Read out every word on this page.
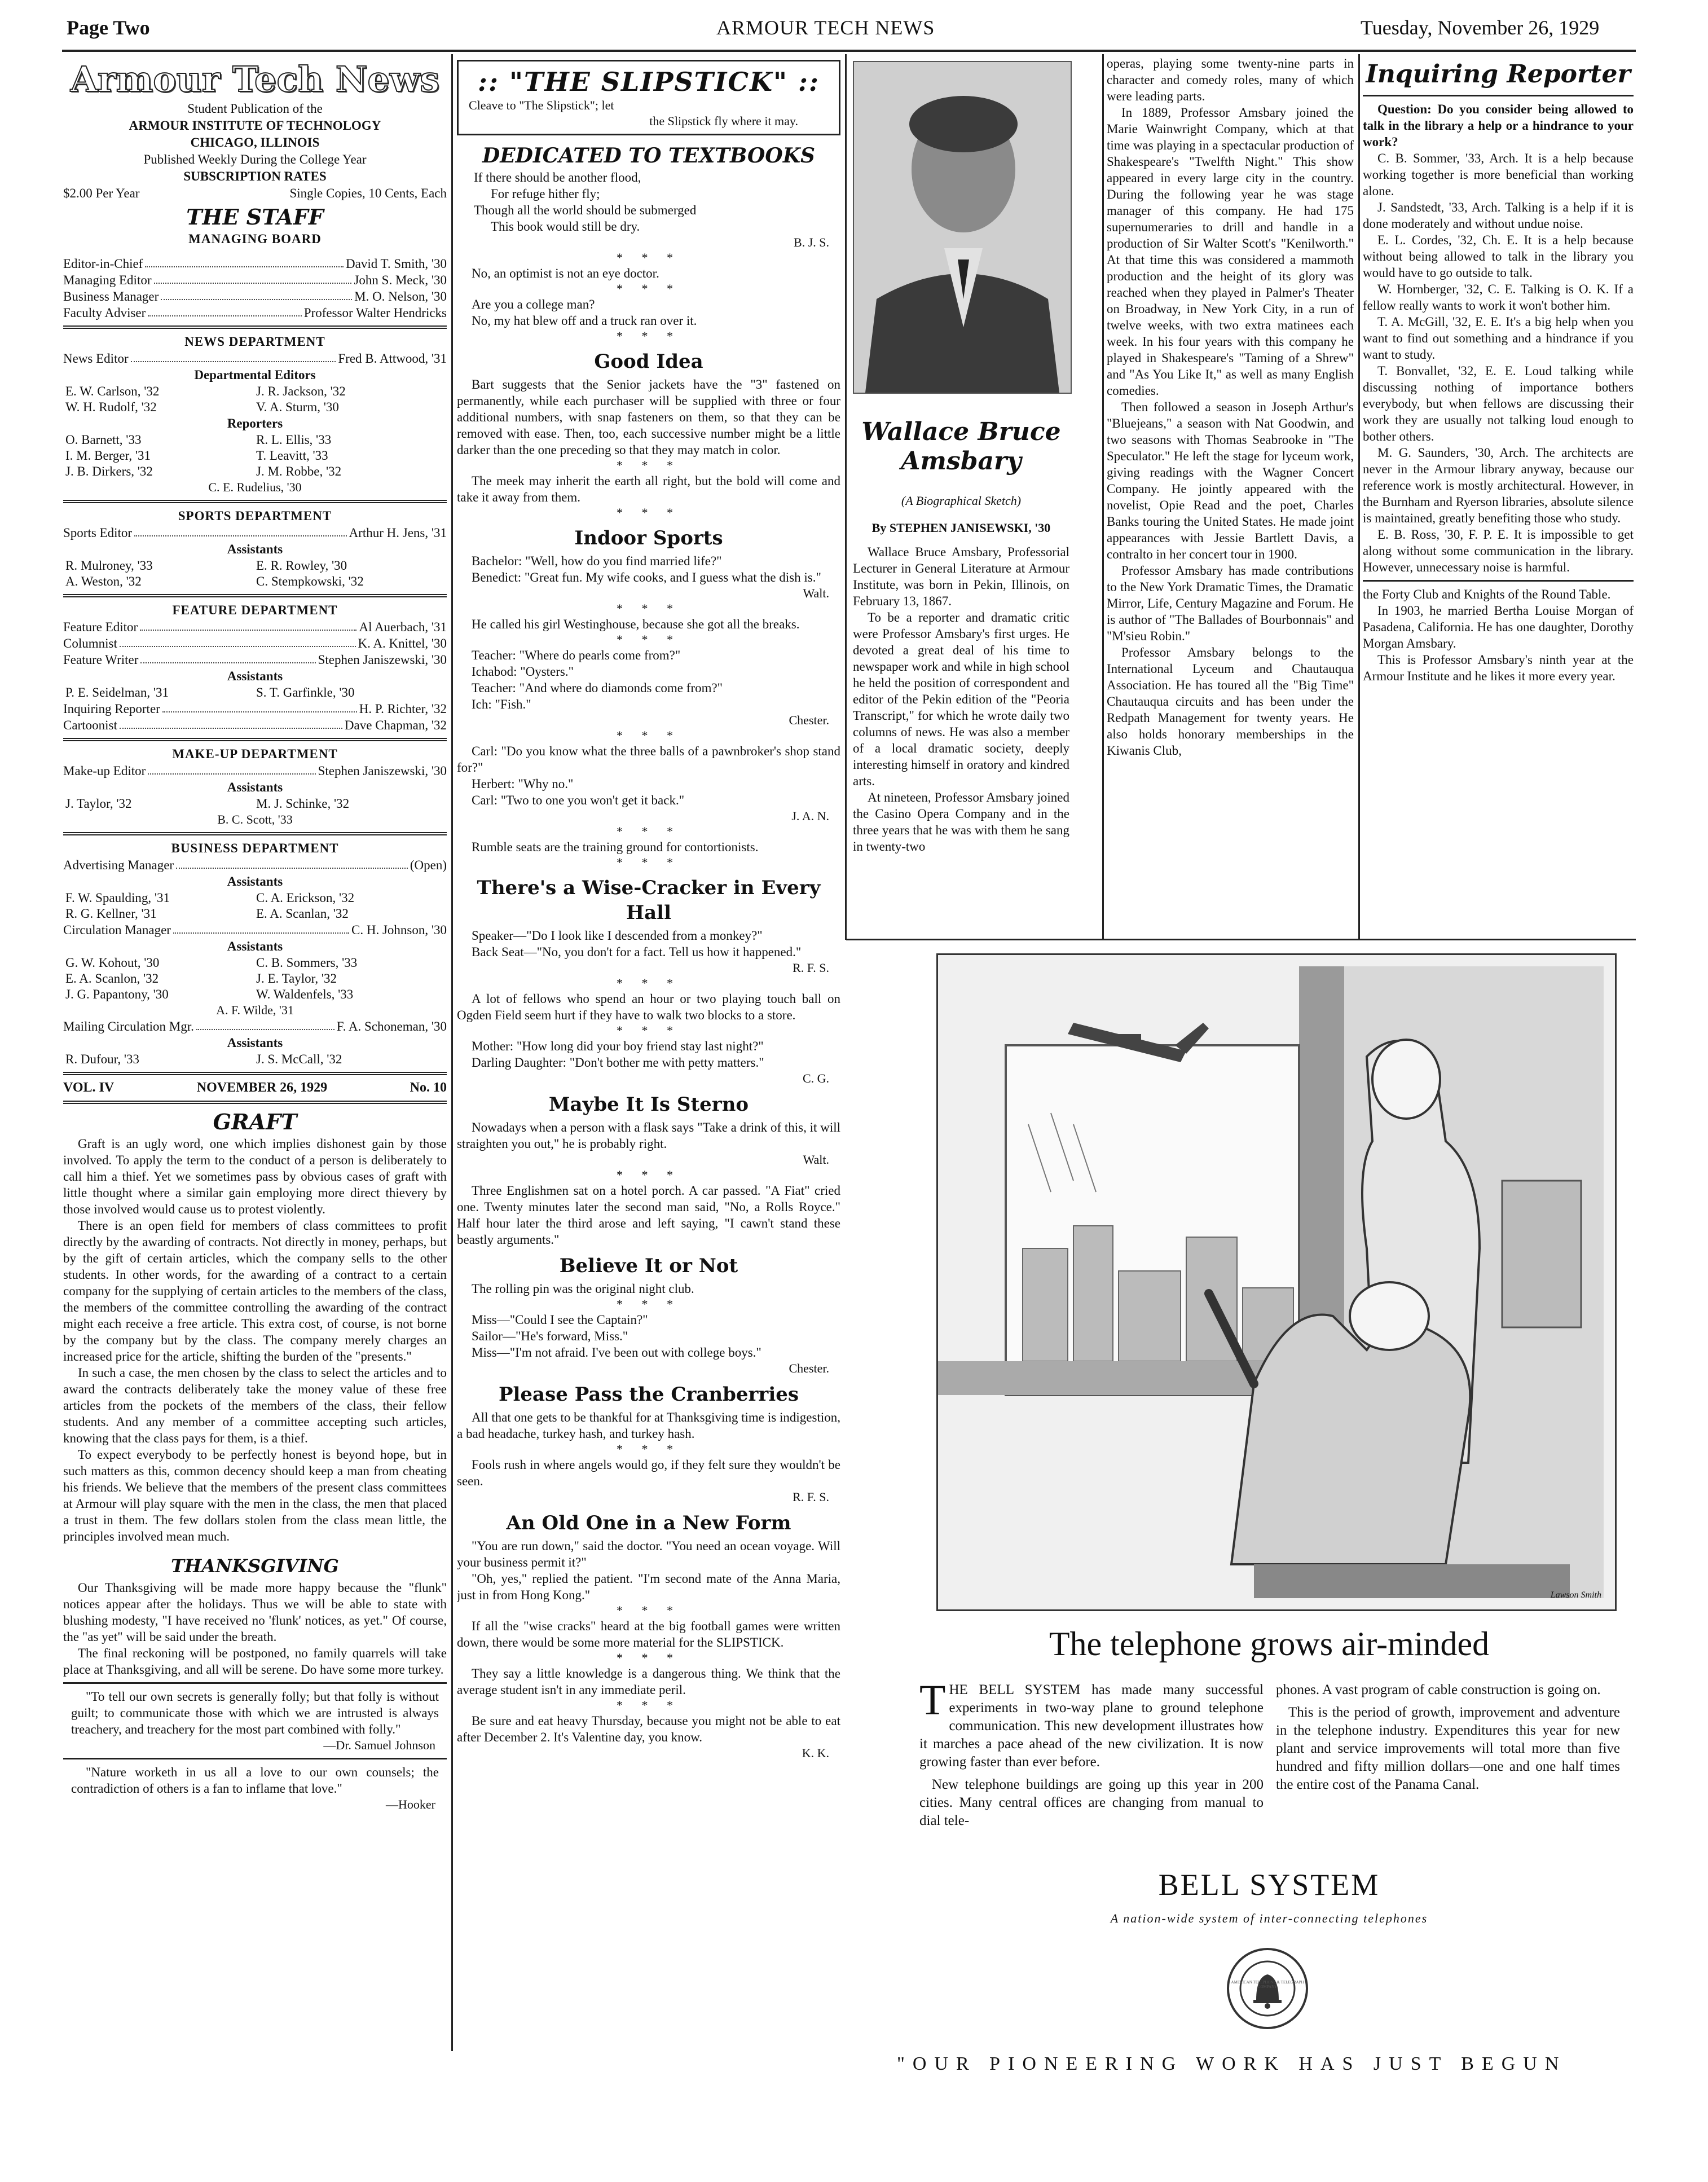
Page Two	ARMOUR TECH NEWS	Tuesday, November 26, 1929
Armour Tech News
Student Publication of the
ARMOUR INSTITUTE OF TECHNOLOGY
CHICAGO, ILLINOIS
Published Weekly During the College Year
SUBSCRIPTION RATES
$2.00 Per Year	Single Copies, 10 Cents, Each
THE STAFF
MANAGING BOARD
Editor-in-Chief	David T. Smith, '30
Managing Editor	John S. Meck, '30
Business Manager	M. O. Nelson, '30
Faculty Adviser	Professor Walter Hendricks
NEWS DEPARTMENT
News Editor	Fred B. Attwood, '31
Departmental Editors
E. W. Carlson, '32	J. R. Jackson, '32
W. H. Rudolf, '32	V. A. Sturm, '30
Reporters
O. Barnett, '33	R. L. Ellis, '33
I. M. Berger, '31	T. Leavitt, '33
J. B. Dirkers, '32	J. M. Robbe, '32
C. E. Rudelius, '30
SPORTS DEPARTMENT
Sports Editor	Arthur H. Jens, '31
Assistants
R. Mulroney, '33	E. R. Rowley, '30
A. Weston, '32	C. Stempkowski, '32
FEATURE DEPARTMENT
Feature Editor	Al Auerbach, '31
Columnist	K. A. Knittel, '30
Feature Writer	Stephen Janiszewski, '30
Assistants
P. E. Seidelman, '31	S. T. Garfinkle, '30
Inquiring Reporter	H. P. Richter, '32
Cartoonist	Dave Chapman, '32
MAKE-UP DEPARTMENT
Make-up Editor	Stephen Janiszewski, '30
Assistants
J. Taylor, '32	M. J. Schinke, '32
B. C. Scott, '33
BUSINESS DEPARTMENT
Advertising Manager	(Open)
Assistants
F. W. Spaulding, '31	C. A. Erickson, '32
R. G. Kellner, '31	E. A. Scanlan, '32
Circulation Manager	C. H. Johnson, '30
Assistants
G. W. Kohout, '30	C. B. Sommers, '33
E. A. Scanlon, '32	J. E. Taylor, '32
J. G. Papantony, '30	W. Waldenfels, '33
A. F. Wilde, '31
Mailing Circulation Mgr.	F. A. Schoneman, '30
Assistants
R. Dufour, '33	J. S. McCall, '32
VOL. IV	NOVEMBER 26, 1929	No. 10
GRAFT

Graft is an ugly word, one which implies dishonest gain by those involved. To apply the term to the conduct of a person is deliberately to call him a thief. Yet we sometimes pass by obvious cases of graft with little thought where a similar gain employing more direct thievery by those involved would cause us to protest violently.

There is an open field for members of class committees to profit directly by the awarding of contracts. Not directly in money, perhaps, but by the gift of certain articles, which the company sells to the other students. In other words, for the awarding of a contract to a certain company for the supplying of certain articles to the members of the class, the members of the committee controlling the awarding of the contract might each receive a free article. This extra cost, of course, is not borne by the company but by the class. The company merely charges an increased price for the article, shifting the burden of the "presents."

In such a case, the men chosen by the class to select the articles and to award the contracts deliberately take the money value of these free articles from the pockets of the members of the class, their fellow students. And any member of a committee accepting such articles, knowing that the class pays for them, is a thief.

To expect everybody to be perfectly honest is beyond hope, but in such matters as this, common decency should keep a man from cheating his friends. We believe that the members of the present class committees at Armour will play square with the men in the class, the men that placed a trust in them. The few dollars stolen from the class mean little, the principles involved mean much.

THANKSGIVING

Our Thanksgiving will be made more happy because the "flunk" notices appear after the holidays. Thus we will be able to state with blushing modesty, "I have received no 'flunk' notices, as yet." Of course, the "as yet" will be said under the breath.

The final reckoning will be postponed, no family quarrels will take place at Thanksgiving, and all will be serene. Do have some more turkey.

"To tell our own secrets is generally folly; but that folly is without guilt; to communicate those with which we are intrusted is always treachery, and treachery for the most part combined with folly."

—Dr. Samuel Johnson

"Nature worketh in us all a love to our own counsels; the contradiction of others is a fan to inflame that love."

—Hooker
:: "THE SLIPSTICK" ::
Cleave to "The Slipstick"; let
the Slipstick fly where it may.
DEDICATED TO TEXTBOOKS
If there should be another flood,
For refuge hither fly;
Though all the world should be submerged
This book would still be dry.
B. J. S.
* * *

No, an optimist is not an eye doctor.

* * *

Are you a college man?

No, my hat blew off and a truck ran over it.

* * *
Good Idea

Bart suggests that the Senior jackets have the "3" fastened on permanently, while each purchaser will be supplied with three or four additional numbers, with snap fasteners on them, so that they can be removed with ease. Then, too, each successive number might be a little darker than the one preceding so that they may match in color.

* * *

The meek may inherit the earth all right, but the bold will come and take it away from them.

* * *
Indoor Sports

Bachelor: "Well, how do you find married life?"

Benedict: "Great fun. My wife cooks, and I guess what the dish is."

Walt.
* * *

He called his girl Westinghouse, because she got all the breaks.

* * *

Teacher: "Where do pearls come from?"

Ichabod: "Oysters."

Teacher: "And where do diamonds come from?"

Ich: "Fish."

Chester.
* * *

Carl: "Do you know what the three balls of a pawnbroker's shop stand for?"

Herbert: "Why no."

Carl: "Two to one you won't get it back."

J. A. N.
* * *

Rumble seats are the training ground for contortionists.

* * *
There's a Wise-Cracker in Every Hall

Speaker—"Do I look like I descended from a monkey?"

Back Seat—"No, you don't for a fact. Tell us how it happened."

R. F. S.
* * *

A lot of fellows who spend an hour or two playing touch ball on Ogden Field seem hurt if they have to walk two blocks to a store.

* * *

Mother: "How long did your boy friend stay last night?"

Darling Daughter: "Don't bother me with petty matters."

C. G.
Maybe It Is Sterno

Nowadays when a person with a flask says "Take a drink of this, it will straighten you out," he is probably right.

Walt.
* * *

Three Englishmen sat on a hotel porch. A car passed. "A Fiat" cried one. Twenty minutes later the second man said, "No, a Rolls Royce." Half hour later the third arose and left saying, "I cawn't stand these beastly arguments."

Believe It or Not

The rolling pin was the original night club.

* * *

Miss—"Could I see the Captain?"

Sailor—"He's forward, Miss."

Miss—"I'm not afraid. I've been out with college boys."

Chester.
Please Pass the Cranberries

All that one gets to be thankful for at Thanksgiving time is indigestion, a bad headache, turkey hash, and turkey hash.

* * *

Fools rush in where angels would go, if they felt sure they wouldn't be seen.

R. F. S.
An Old One in a New Form

"You are run down," said the doctor. "You need an ocean voyage. Will your business permit it?"

"Oh, yes," replied the patient. "I'm second mate of the Anna Maria, just in from Hong Kong."

* * *

If all the "wise cracks" heard at the big football games were written down, there would be some more material for the SLIPSTICK.

* * *

They say a little knowledge is a dangerous thing. We think that the average student isn't in any immediate peril.

* * *

Be sure and eat heavy Thursday, because you might not be able to eat after December 2. It's Valentine day, you know.

K. K.
Wallace Bruce
Amsbary
(A Biographical Sketch)
By STEPHEN JANISEWSKI, '30

Wallace Bruce Amsbary, Professorial Lecturer in General Literature at Armour Institute, was born in Pekin, Illinois, on February 13, 1867.

To be a reporter and dramatic critic were Professor Amsbary's first urges. He devoted a great deal of his time to newspaper work and while in high school he held the position of correspondent and editor of the Pekin edition of the "Peoria Transcript," for which he wrote daily two columns of news. He was also a member of a local dramatic society, deeply interesting himself in oratory and kindred arts.

At nineteen, Professor Amsbary joined the Casino Opera Company and in the three years that he was with them he sang in twenty-two

operas, playing some twenty-nine parts in character and comedy roles, many of which were leading parts.

In 1889, Professor Amsbary joined the Marie Wainwright Company, which at that time was playing in a spectacular production of Shakespeare's "Twelfth Night." This show appeared in every large city in the country. During the following year he was stage manager of this company. He had 175 supernumeraries to drill and handle in a production of Sir Walter Scott's "Kenilworth." At that time this was considered a mammoth production and the height of its glory was reached when they played in Palmer's Theater on Broadway, in New York City, in a run of twelve weeks, with two extra matinees each week. In his four years with this company he played in Shakespeare's "Taming of a Shrew" and "As You Like It," as well as many English comedies.

Then followed a season in Joseph Arthur's "Bluejeans," a season with Nat Goodwin, and two seasons with Thomas Seabrooke in "The Speculator." He left the stage for lyceum work, giving readings with the Wagner Concert Company. He jointly appeared with the novelist, Opie Read and the poet, Charles Banks touring the United States. He made joint appearances with Jessie Bartlett Davis, a contralto in her concert tour in 1900.

Professor Amsbary has made contributions to the New York Dramatic Times, the Dramatic Mirror, Life, Century Magazine and Forum. He is author of "The Ballades of Bourbonnais" and "M'sieu Robin."

Professor Amsbary belongs to the International Lyceum and Chautauqua Association. He has toured all the "Big Time" Chautauqua circuits and has been under the Redpath Management for twenty years. He also holds honorary memberships in the Kiwanis Club,

Inquiring Reporter

Question: Do you consider being allowed to talk in the library a help or a hindrance to your work?

C. B. Sommer, '33, Arch. It is a help because working together is more beneficial than working alone.

J. Sandstedt, '33, Arch. Talking is a help if it is done moderately and without undue noise.

E. L. Cordes, '32, Ch. E. It is a help because without being allowed to talk in the library you would have to go outside to talk.

W. Hornberger, '32, C. E. Talking is O. K. If a fellow really wants to work it won't bother him.

T. A. McGill, '32, E. E. It's a big help when you want to find out something and a hindrance if you want to study.

T. Bonvallet, '32, E. E. Loud talking while discussing nothing of importance bothers everybody, but when fellows are discussing their work they are usually not talking loud enough to bother others.

M. G. Saunders, '30, Arch. The architects are never in the Armour library anyway, because our reference work is mostly architectural. However, in the Burnham and Ryerson libraries, absolute silence is maintained, greatly benefiting those who study.

E. B. Ross, '30, F. P. E. It is impossible to get along without some communication in the library. However, unnecessary noise is harmful.

the Forty Club and Knights of the Round Table.

In 1903, he married Bertha Louise Morgan of Pasadena, California. He has one daughter, Dorothy Morgan Amsbary.

This is Professor Amsbary's ninth year at the Armour Institute and he likes it more every year.

Lawson Smith
The telephone grows air-minded

THE BELL SYSTEM has made many successful experiments in two-way plane to ground telephone communication. This new development illustrates how it marches a pace ahead of the new civilization. It is now growing faster than ever before.

New telephone buildings are going up this year in 200 cities. Many central offices are changing from manual to dial tele-

phones. A vast program of cable construction is going on.

This is the period of growth, improvement and adventure in the telephone industry. Expenditures this year for new plant and service improvements will total more than five hundred and fifty million dollars—one and one half times the entire cost of the Panama Canal.

BELL SYSTEM
A nation-wide system of inter-connecting telephones
AMERICAN TELEPHONE & TELEGRAPH COMPANY
"OUR PIONEERING WORK HAS JUST BEGUN
